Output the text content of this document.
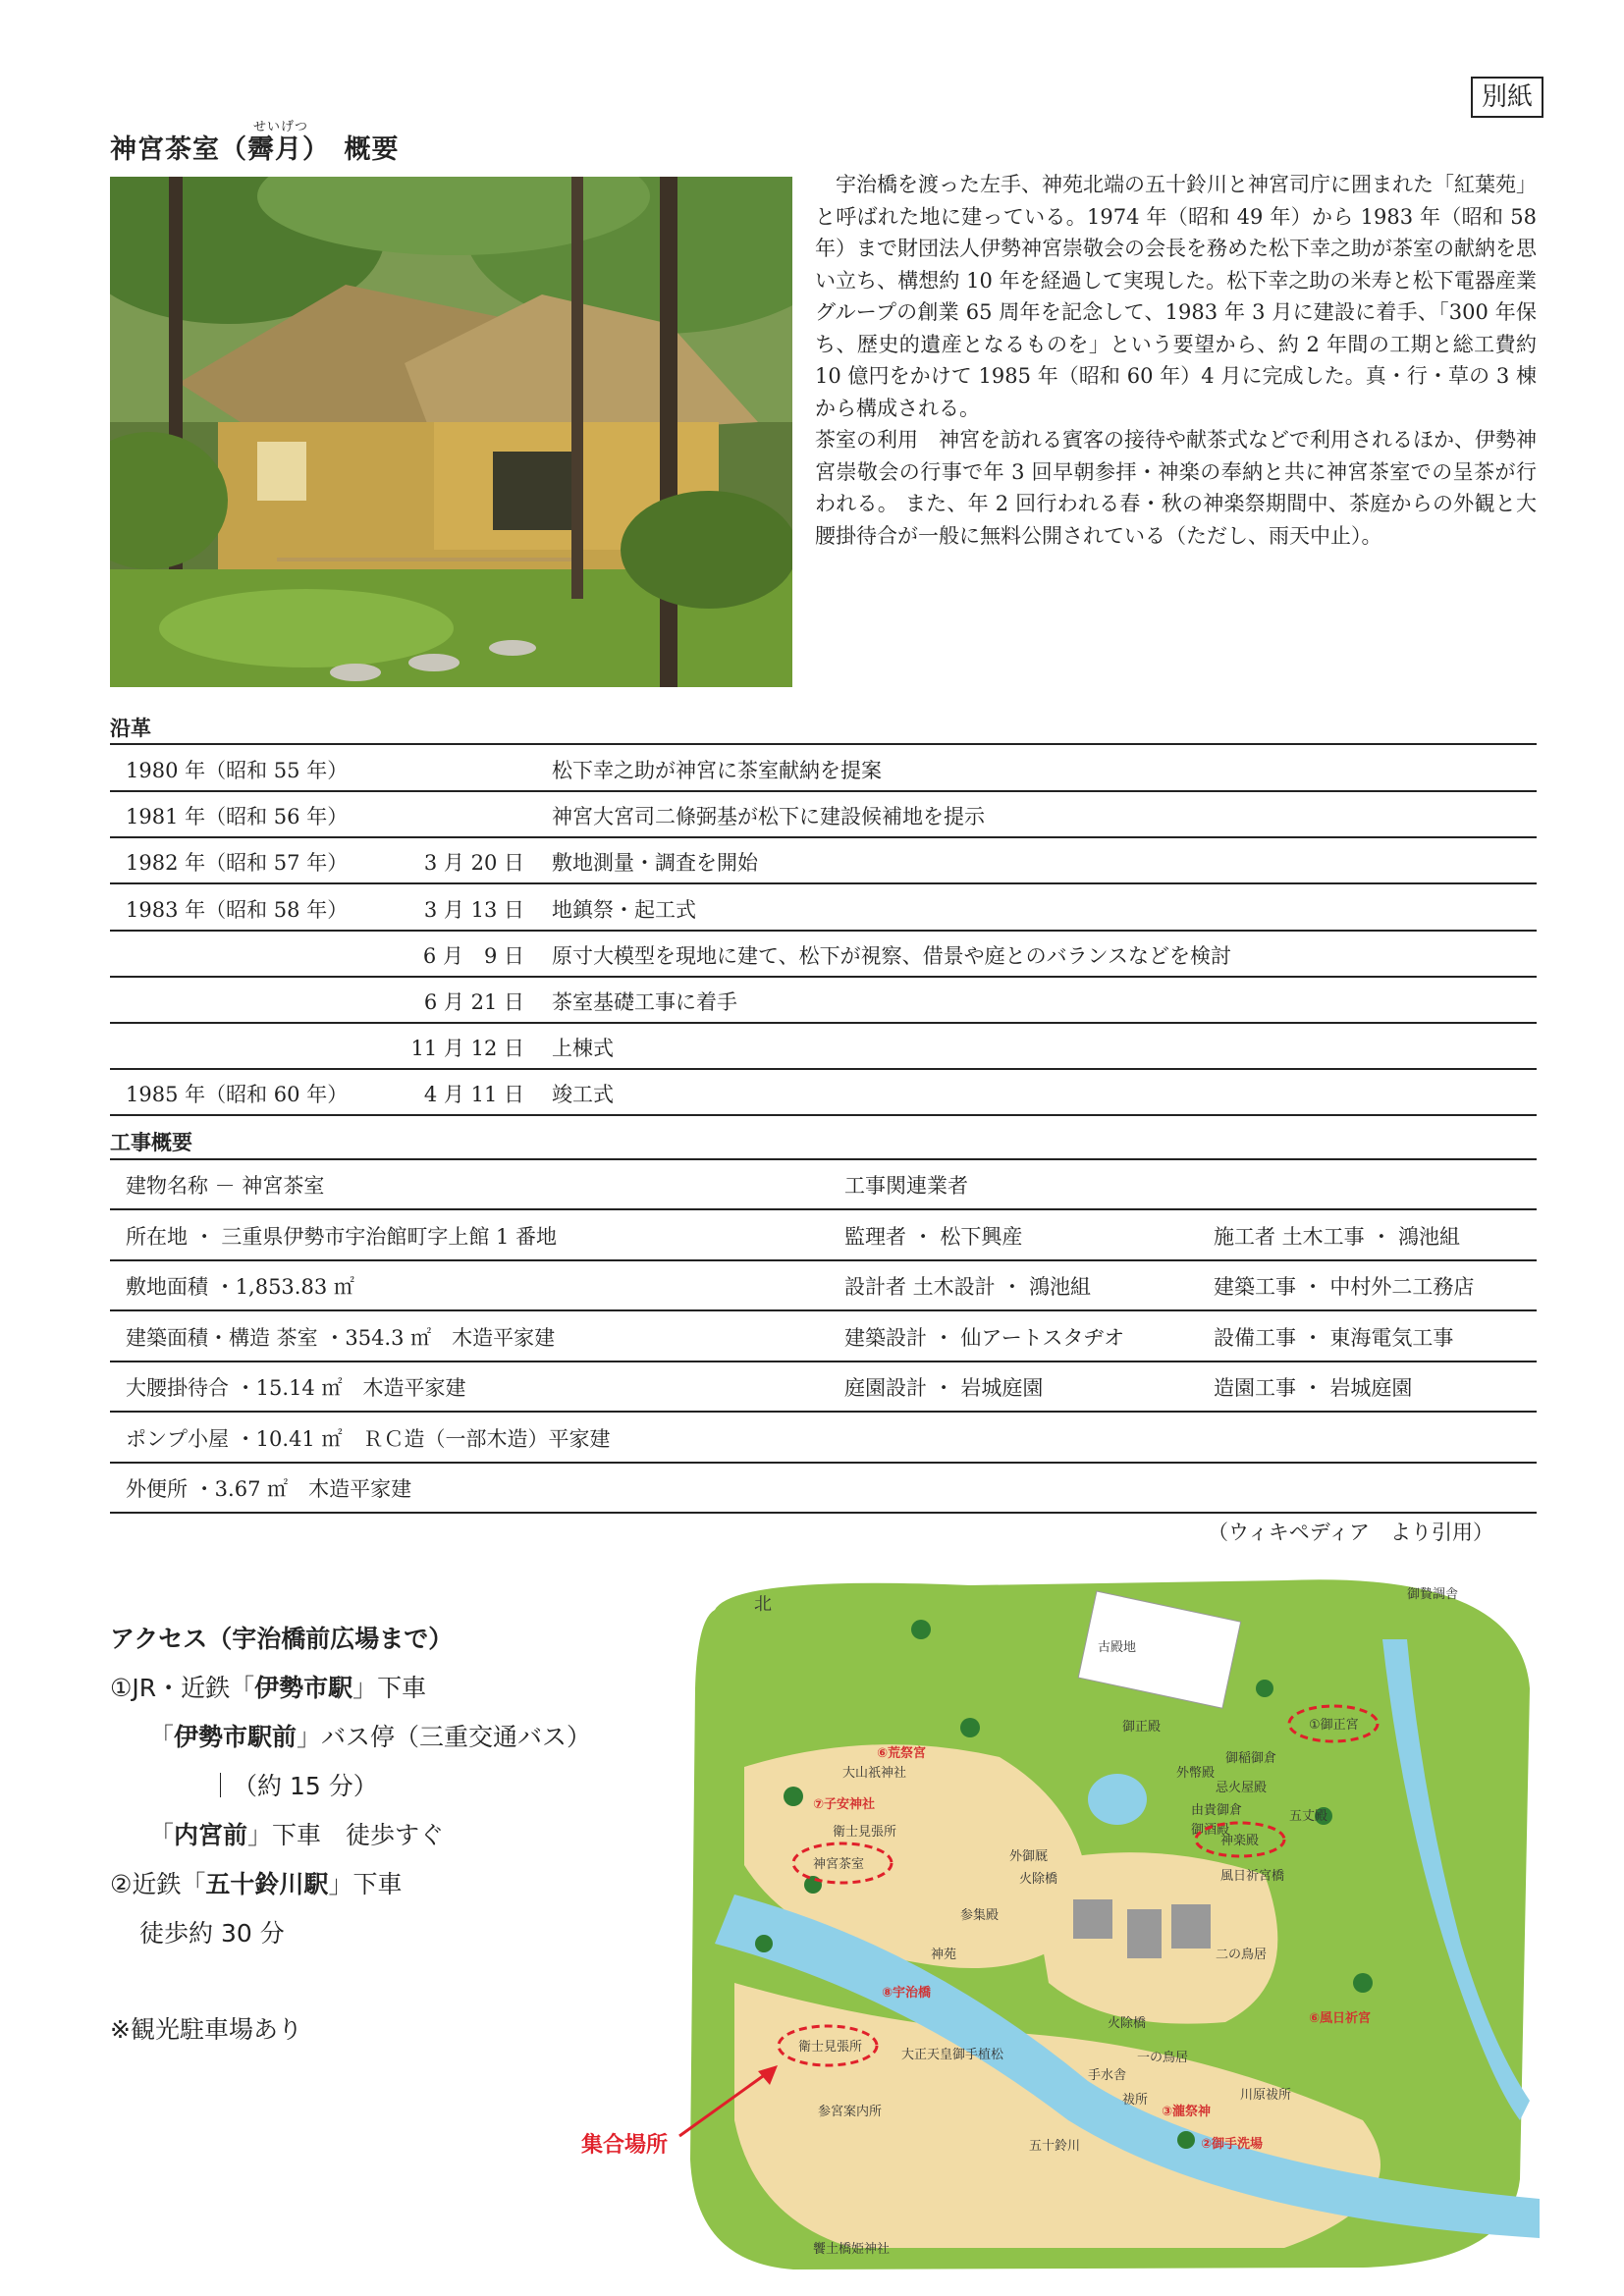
別紙
せいげつ
神宮茶室（霽月）　概要

宇治橋を渡った左手、神苑北端の五十鈴川と神宮司庁に囲まれた「紅葉苑」と呼ばれた地に建っている。1974 年（昭和 49 年）から 1983 年（昭和 58 年）まで財団法人伊勢神宮崇敬会の会長を務めた松下幸之助が茶室の献納を思い立ち、構想約 10 年を経過して実現した。松下幸之助の米寿と松下電器産業グループの創業 65 周年を記念して、1983 年 3 月に建設に着手、「300 年保ち、歴史的遺産となるものを」という要望から、約 2 年間の工期と総工費約 10 億円をかけて 1985 年（昭和 60 年）4 月に完成した。真・行・草の 3 棟から構成される。

茶室の利用　神宮を訪れる賓客の接待や献茶式などで利用されるほか、伊勢神宮崇敬会の行事で年 3 回早朝参拝・神楽の奉納と共に神宮茶室での呈茶が行われる。 また、年 2 回行われる春・秋の神楽祭期間中、茶庭からの外観と大腰掛待合が一般に無料公開されている（ただし、雨天中止）。

沿革
1980 年（昭和 55 年）	松下幸之助が神宮に茶室献納を提案
1981 年（昭和 56 年）	神宮大宮司二條弼基が松下に建設候補地を提示
1982 年（昭和 57 年）	3 月 20 日 敷地測量・調査を開始
1983 年（昭和 58 年）	3 月 13 日 地鎮祭・起工式
6 月　9 日 原寸大模型を現地に建て、松下が視察、借景や庭とのバランスなどを検討
6 月 21 日 茶室基礎工事に着手
11 月 12 日 上棟式
1985 年（昭和 60 年）	4 月 11 日 竣工式
工事概要
建物名称 － 神宮茶室	工事関連業者
所在地 ・ 三重県伊勢市宇治館町字上館 1 番地	監理者 ・ 松下興産	施工者 土木工事 ・ 鴻池組
敷地面積 ・1,853.83 ㎡	設計者 土木設計 ・ 鴻池組	建築工事 ・ 中村外二工務店
建築面積・構造 茶室 ・354.3 ㎡　木造平家建	建築設計 ・ 仙アートスタヂオ	設備工事 ・ 東海電気工事
大腰掛待合 ・15.14 ㎡　木造平家建	庭園設計 ・ 岩城庭園	造園工事 ・ 岩城庭園
ポンプ小屋 ・10.41 ㎡　ＲＣ造（一部木造）平家建
外便所 ・3.67 ㎡　木造平家建
（ウィキペディア　より引用）
アクセス（宇治橋前広場まで）
①JR・近鉄「伊勢市駅」下車
「伊勢市駅前」バス停（三重交通バス）
｜（約 15 分）
「内宮前」下車　徒歩すぐ
②近鉄「五十鈴川駅」下車
徒歩約 30 分
※観光駐車場あり
古殿地
大山祇神社
衛士見張所
外御厩
参集殿
火除橋
神苑
風日祈宮橋
二の鳥居
大正天皇御手植松
火除橋
一の鳥居
手水舎
祓所	川原祓所
参宮案内所
五十鈴川
外幣殿
御稲御倉
忌火屋殿
由貴御倉
御酒殿
五丈殿
御贄調舎
御正殿
饗土橋姫神社
⑥荒祭宮
⑦子安神社
⑧宇治橋
③瀧祭神
⑥風日祈宮
②御手洗場
北
①御正宮
神楽殿
神宮茶室
衛士見張所
集合場所
